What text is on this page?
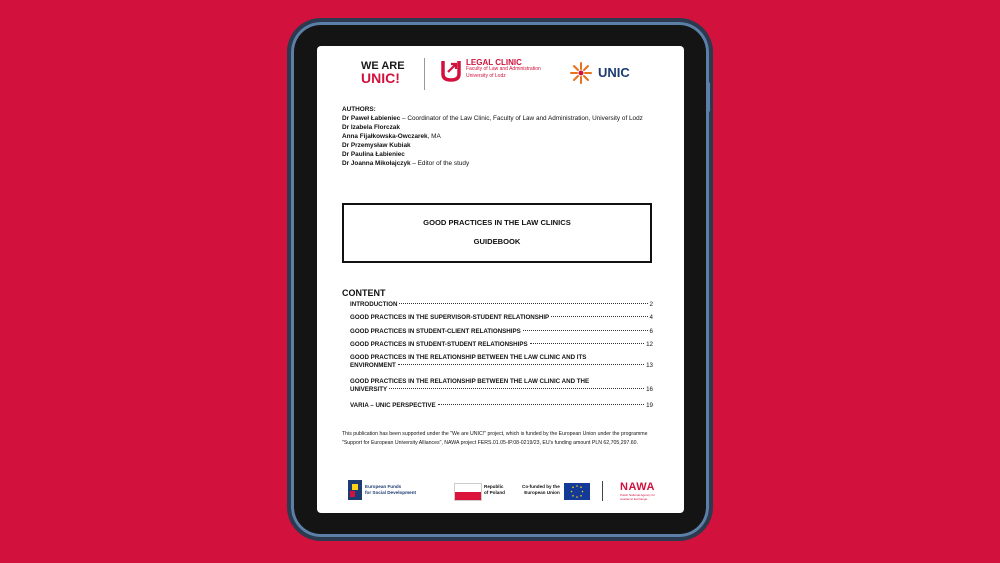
WE ARE
UNIC!
LEGAL CLINIC
Faculty of Law and Administration
University of Lodz	UNIC
AUTHORS:
Dr Paweł Łabieniec – Coordinator of the Law Clinic, Faculty of Law and Administration, University of Lodz
Dr Izabela Florczak
Anna Fijałkowska-Owczarek, MA
Dr Przemysław Kubiak
Dr Paulina Łabieniec
Dr Joanna Mikołajczyk – Editor of the study
GOOD PRACTICES IN THE LAW CLINICS
GUIDEBOOK
CONTENT
INTRODUCTION	2
GOOD PRACTICES IN THE SUPERVISOR-STUDENT RELATIONSHIP	4
GOOD PRACTICES IN STUDENT-CLIENT RELATIONSHIPS	6
GOOD PRACTICES IN STUDENT-STUDENT RELATIONSHIPS	12
GOOD PRACTICES IN THE RELATIONSHIP BETWEEN THE LAW CLINIC AND ITS
ENVIRONMENT	13
GOOD PRACTICES IN THE RELATIONSHIP BETWEEN THE LAW CLINIC AND THE
UNIVERSITY	16
VARIA – UNIC PERSPECTIVE	19
This publication has been supported under the "We are UNIC!" project, which is funded by the European Union under the programme "Support for European University Alliances", NAWA project FERS.01.05-IP.08-0219/23, EU's funding amount PLN 62,705,297.60.
European Funds
for Social Development
Republic
of Poland
Co-funded by the
European Union	NAWA
Polish National Agency for Academic Exchange
